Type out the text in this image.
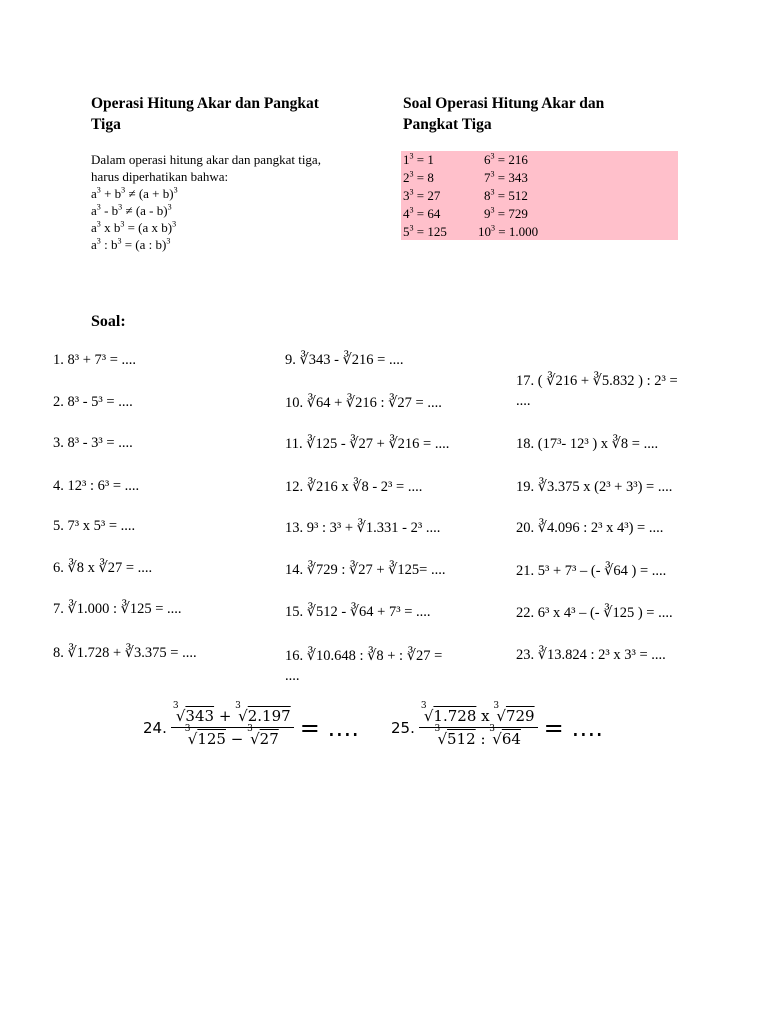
Operasi Hitung Akar dan Pangkat
Tiga
Dalam operasi hitung akar dan pangkat tiga,
harus diperhatikan bahwa:
$a^3 + b^3 \ne (a + b)^3$
$a^3 - b^3 \ne (a - b)^3$
$a^3$ x $b^3 = (a$ x b)$^3$
$a^3$ : $b^3 = (a$ : b)$^3$
Soal Operasi Hitung Akar dan
Pangkat Tiga
$1^3 = 1$
$2^3 = 8$
$3^3 = 27$
$4^3 = 64$
$5^3 = 125$
$6^3 = 216$
$7^3 = 343$
$8^3 = 512$
$9^3 = 729$
$10^3 = 1.000$
Soal:
1. 8³ + 7³ = ....
2. 8³ - 5³ = ....
3. 8³ - 3³ = ....
4. 12³ : 6³ = ....
5. 7³ x 5³ = ....
6. ∛8 x ∛27 = ....
7. ∛1.000 : ∛125 = ....
8. ∛1.728 + ∛3.375 = ....
9. ∛343 - ∛216 = ....
10. ∛64 + ∛216 : ∛27 = ....
11. ∛125 - ∛27 + ∛216 = ....
12. ∛216 x ∛8 - 2³ = ....
13. 9³ : 3³ + ∛1.331 - 2³ ....
14. ∛729 : ∛27 + ∛125= ....
15. ∛512 - ∛64 + 7³ = ....
16. ∛10.648 : ∛8 + : ∛27 =
....
17. ( ∛216 + ∛5.832 ) : 2³ =
....
18. (17³- 12³ ) x ∛8 = ....
19. ∛3.375 x (2³ + 3³) = ....
20. ∛4.096 : 2³ x 4³) = ....
21. 5³ + 7³ – (- ∛64 ) = ....
22. 6³ x 4³ – (- ∛125 ) = ....
23. ∛13.824 : 2³ x 3³ = ....
24. 3
√343 +
3
√2.197
3
√125 −
3
√27 = …. 25. 3
√1.728 x
3
√729
3
√512 :
3
√64 = ….
